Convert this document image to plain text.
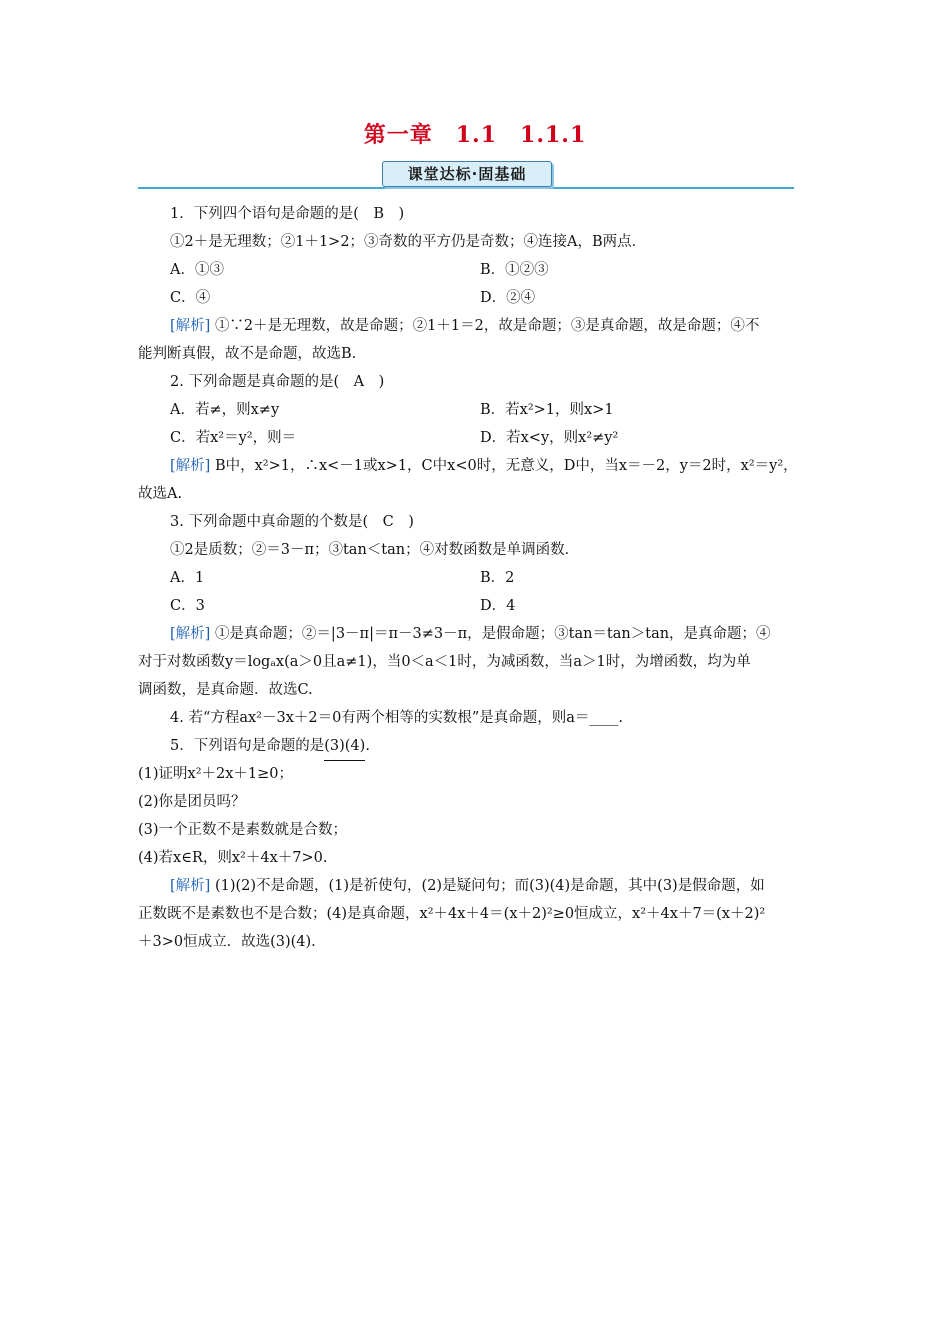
第一章　1.1　1.1.1
课堂达标·固基础
1．下列四个语句是命题的是(　B　)
①2＋是无理数；②1＋1>2；③奇数的平方仍是奇数；④连接A，B两点．
A．①③	B．①②③
C．④	D．②④
[解析] ①∵2＋是无理数，故是命题；②1＋1＝2，故是命题；③是真命题，故是命题；④不
能判断真假，故不是命题，故选B.
2. 下列命题是真命题的是(　A　)
A．若≠，则x≠y	B．若x²>1，则x>1
C．若x²＝y²，则＝	D．若x<y，则x²≠y²
[解析] B中，x²>1，∴x<－1或x>1，C中x<0时，无意义，D中，当x＝－2，y＝2时，x²＝y²，
故选A.
3. 下列命题中真命题的个数是(　C　)
①2是质数；②＝3－π；③tan＜tan；④对数函数是单调函数．
A．1	B．2
C．3	D．4
[解析] ①是真命题；②＝|3－π|＝π－3≠3－π，是假命题；③tan＝tan＞tan，是真命题；④
对于对数函数y＝logₐx(a＞0且a≠1)，当0＜a＜1时，为减函数，当a＞1时，为增函数，均为单
调函数，是真命题．故选C.
4. 若“方程ax²－3x＋2＝0有两个相等的实数根”是真命题，则a＝____.
5．下列语句是命题的是(3)(4).
(1)证明x²＋2x＋1≥0；
(2)你是团员吗？
(3)一个正数不是素数就是合数；
(4)若x∈R，则x²＋4x＋7>0.
[解析] (1)(2)不是命题，(1)是祈使句，(2)是疑问句；而(3)(4)是命题，其中(3)是假命题，如
正数既不是素数也不是合数；(4)是真命题，x²＋4x＋4＝(x＋2)²≥0恒成立，x²＋4x＋7＝(x＋2)²
＋3>0恒成立．故选(3)(4).
